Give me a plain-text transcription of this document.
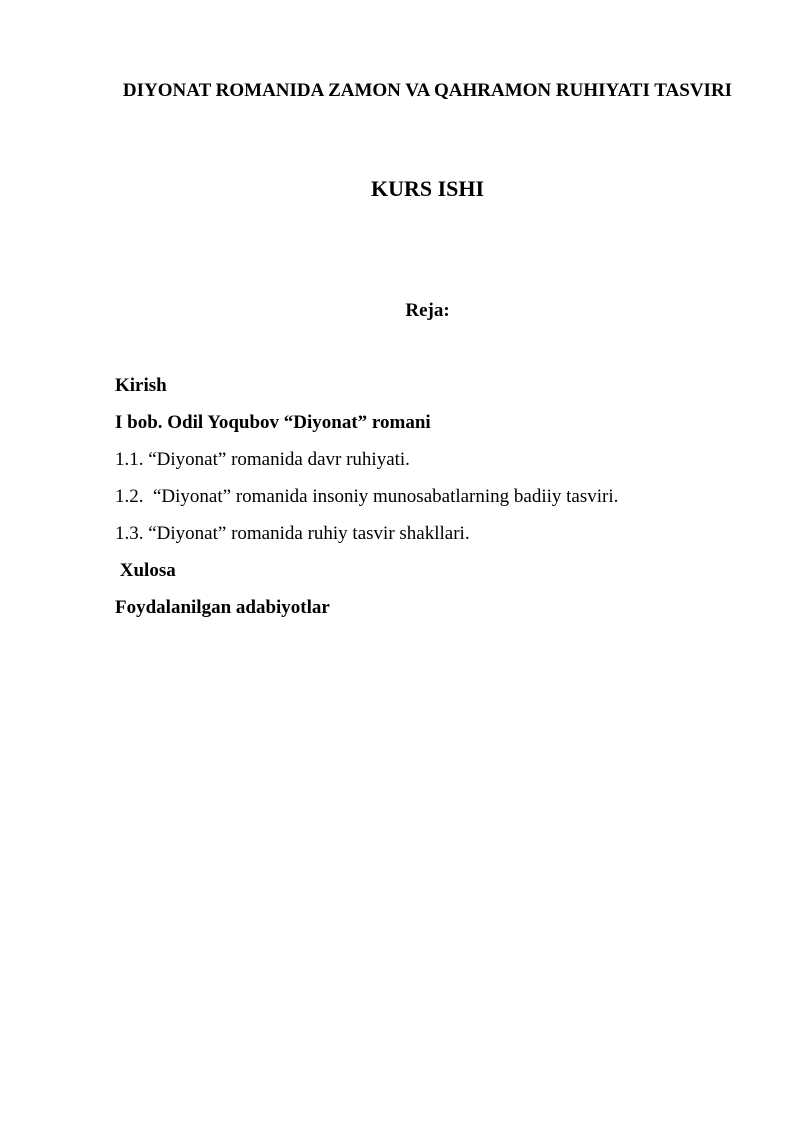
DIYONAT ROMANIDA ZAMON VA QAHRAMON RUHIYATI TASVIRI
KURS ISHI
Reja:
Kirish
I bob. Odil Yoqubov “Diyonat” romani
1.1. “Diyonat” romanida davr ruhiyati.
1.2.  “Diyonat” romanida insoniy munosabatlarning badiiy tasviri.
1.3. “Diyonat” romanida ruhiy tasvir shakllari.
Xulosa
Foydalanilgan adabiyotlar
